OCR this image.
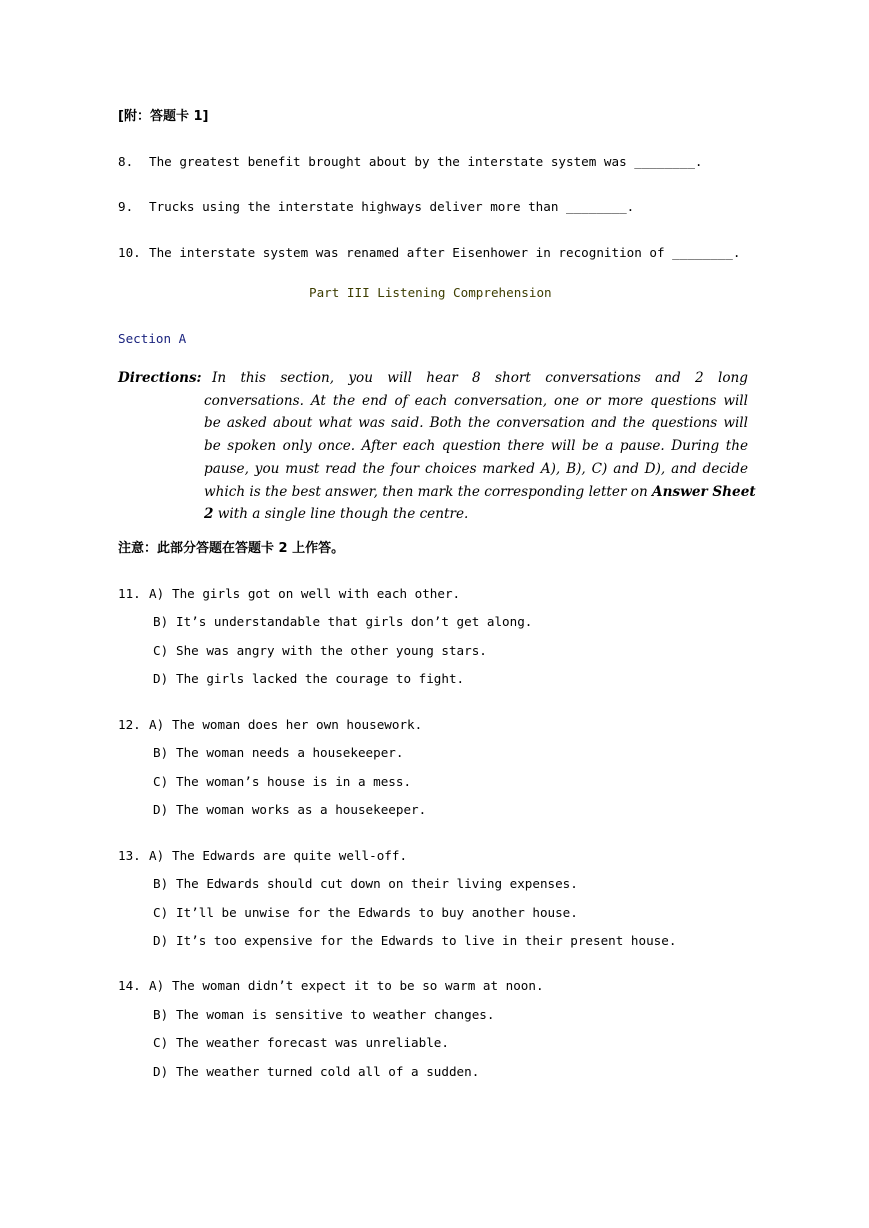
[附：答题卡 1]
8. The greatest benefit brought about by the interstate system was ________.
9. Trucks using the interstate highways deliver more than ________.
10. The interstate system was renamed after Eisenhower in recognition of ________.
Part III Listening Comprehension
Section A
Directions: In this section, you will hear 8 short conversations and 2 long
conversations. At the end of each conversation, one or more questions will
be asked about what was said. Both the conversation and the questions will
be spoken only once. After each question there will be a pause. During the
pause, you must read the four choices marked A), B), C) and D), and decide
which is the best answer, then mark the corresponding letter on Answer Sheet
2 with a single line though the centre.
注意：此部分答题在答题卡 2 上作答。
11. A) The girls got on well with each other.
B) It’s understandable that girls don’t get along.
C) She was angry with the other young stars.
D) The girls lacked the courage to fight.
12. A) The woman does her own housework.
B) The woman needs a housekeeper.
C) The woman’s house is in a mess.
D) The woman works as a housekeeper.
13. A) The Edwards are quite well-off.
B) The Edwards should cut down on their living expenses.
C) It’ll be unwise for the Edwards to buy another house.
D) It’s too expensive for the Edwards to live in their present house.
14. A) The woman didn’t expect it to be so warm at noon.
B) The woman is sensitive to weather changes.
C) The weather forecast was unreliable.
D) The weather turned cold all of a sudden.
